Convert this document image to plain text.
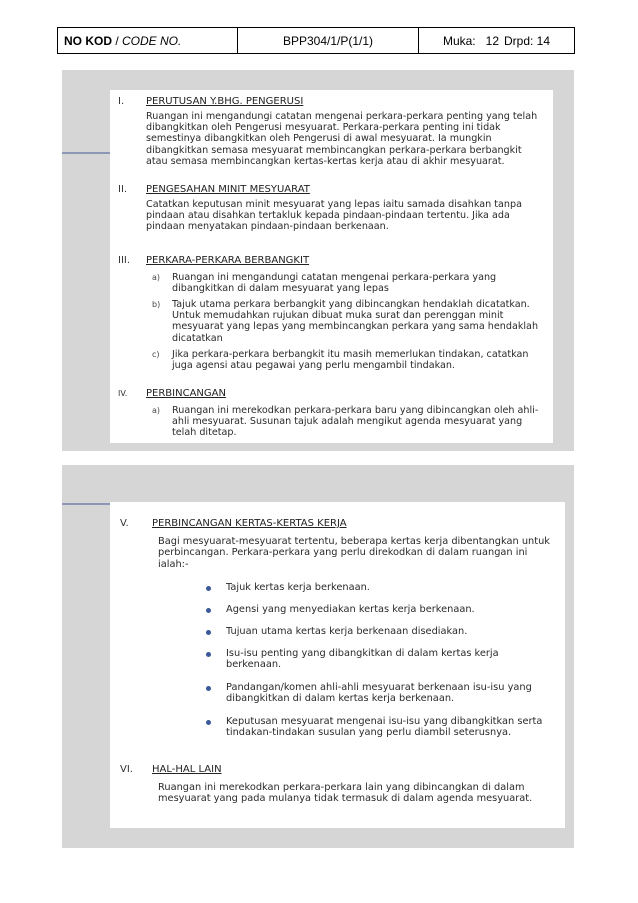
NO KOD / CODE NO.	BPP304/1/P(1/1)	Muka: 12 Drpd: 14
I. PERUTUSAN Y.BHG. PENGERUSI

Ruangan ini mengandungi catatan mengenai perkara-perkara penting yang telah dibangkitkan oleh Pengerusi mesyuarat. Perkara-perkara penting ini tidak semestinya dibangkitkan oleh Pengerusi di awal mesyuarat. Ia mungkin dibangkitkan semasa mesyuarat membincangkan perkara-perkara berbangkit atau semasa membincangkan kertas-kertas kerja atau di akhir mesyuarat.

II. PENGESAHAN MINIT MESYUARAT

Catatkan keputusan minit mesyuarat yang lepas iaitu samada disahkan tanpa pindaan atau disahkan tertakluk kepada pindaan-pindaan tertentu. Jika ada pindaan menyatakan pindaan-pindaan berkenaan.

III. PERKARA-PERKARA BERBANGKIT
a) Ruangan ini mengandungi catatan mengenai perkara-perkara yang dibangkitkan di dalam mesyuarat yang lepas

b) Tajuk utama perkara berbangkit yang dibincangkan hendaklah dicatatkan. Untuk memudahkan rujukan dibuat muka surat dan perenggan minit mesyuarat yang lepas yang membincangkan perkara yang sama hendaklah dicatatkan

c) Jika perkara-perkara berbangkit itu masih memerlukan tindakan, catatkan juga agensi atau pegawai yang perlu mengambil tindakan.

IV. PERBINCANGAN
a) Ruangan ini merekodkan perkara-perkara baru yang dibincangkan oleh ahli-ahli mesyuarat. Susunan tajuk adalah mengikut agenda mesyuarat yang telah ditetap.

V. PERBINCANGAN KERTAS-KERTAS KERJA

Bagi mesyuarat-mesyuarat tertentu, beberapa kertas kerja dibentangkan untuk perbincangan. Perkara-perkara yang perlu direkodkan di dalam ruangan ini ialah:-

Tajuk kertas kerja berkenaan.

Agensi yang menyediakan kertas kerja berkenaan.

Tujuan utama kertas kerja berkenaan disediakan.

Isu-isu penting yang dibangkitkan di dalam kertas kerja berkenaan.

Pandangan/komen ahli-ahli mesyuarat berkenaan isu-isu yang dibangkitkan di dalam kertas kerja berkenaan.

Keputusan mesyuarat mengenai isu-isu yang dibangkitkan serta tindakan-tindakan susulan yang perlu diambil seterusnya.

VI. HAL-HAL LAIN

Ruangan ini merekodkan perkara-perkara lain yang dibincangkan di dalam mesyuarat yang pada mulanya tidak termasuk di dalam agenda mesyuarat.
